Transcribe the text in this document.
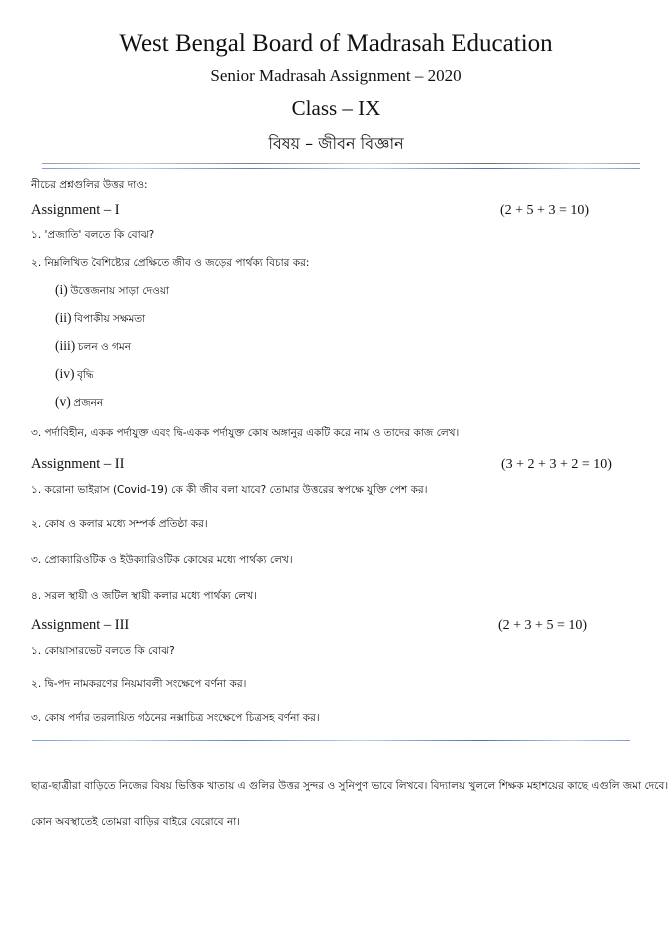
West Bengal Board of Madrasah Education
Senior Madrasah Assignment – 2020
Class – IX
বিষয় – জীবন বিজ্ঞান
নীচের প্রশ্নগুলির উত্তর দাও:
Assignment – I	(2 + 5 + 3 = 10)
১. 'প্রজাতি' বলতে কি বোঝ?
২. নিম্নলিখিত বৈশিষ্ট্যের প্রেক্ষিতে জীব ও জড়ের পার্থক্য বিচার কর:
(i) উত্তেজনায় সাড়া দেওয়া
(ii) বিপাকীয় সক্ষমতা
(iii) চলন ও গমন
(iv) বৃদ্ধি
(v) প্রজনন
৩. পর্দাবিহীন, একক পর্দাযুক্ত এবং দ্বি-একক পর্দাযুক্ত কোষ অঙ্গানুর একটি করে নাম ও তাদের কাজ লেখ।
Assignment – II	(3 + 2 + 3 + 2 = 10)
১. করোনা ভাইরাস (Covid-19) কে কী জীব বলা যাবে? তোমার উত্তরের স্বপক্ষে যুক্তি পেশ কর।
২. কোষ ও কলার মধ্যে সম্পর্ক প্রতিষ্ঠা কর।
৩. প্রোক্যারিওটিক ও ইউক্যারিওটিক কোষের মধ্যে পার্থক্য লেখ।
৪. সরল স্থায়ী ও জটিল স্থায়ী কলার মধ্যে পার্থক্য লেখ।
Assignment – III	(2 + 3 + 5 = 10)
১. কোয়াসারভেট বলতে কি বোঝ?
২. দ্বি-পদ নামকরণের নিয়মাবলী সংক্ষেপে বর্ণনা কর।
৩. কোষ পর্দার তরলায়িত গঠনের নক্সাচিত্র সংক্ষেপে চিত্রসহ বর্ণনা কর।
ছাত্র-ছাত্রীরা বাড়িতে নিজের বিষয় ভিত্তিক খাতায় এ গুলির উত্তর সুন্দর ও সুনিপুণ ভাবে লিখবে। বিদ্যালয় খুললে শিক্ষক মহাশয়ের কাছে এগুলি জমা দেবে।
কোন অবস্থাতেই তোমরা বাড়ির বাইরে বেরোবে না।
